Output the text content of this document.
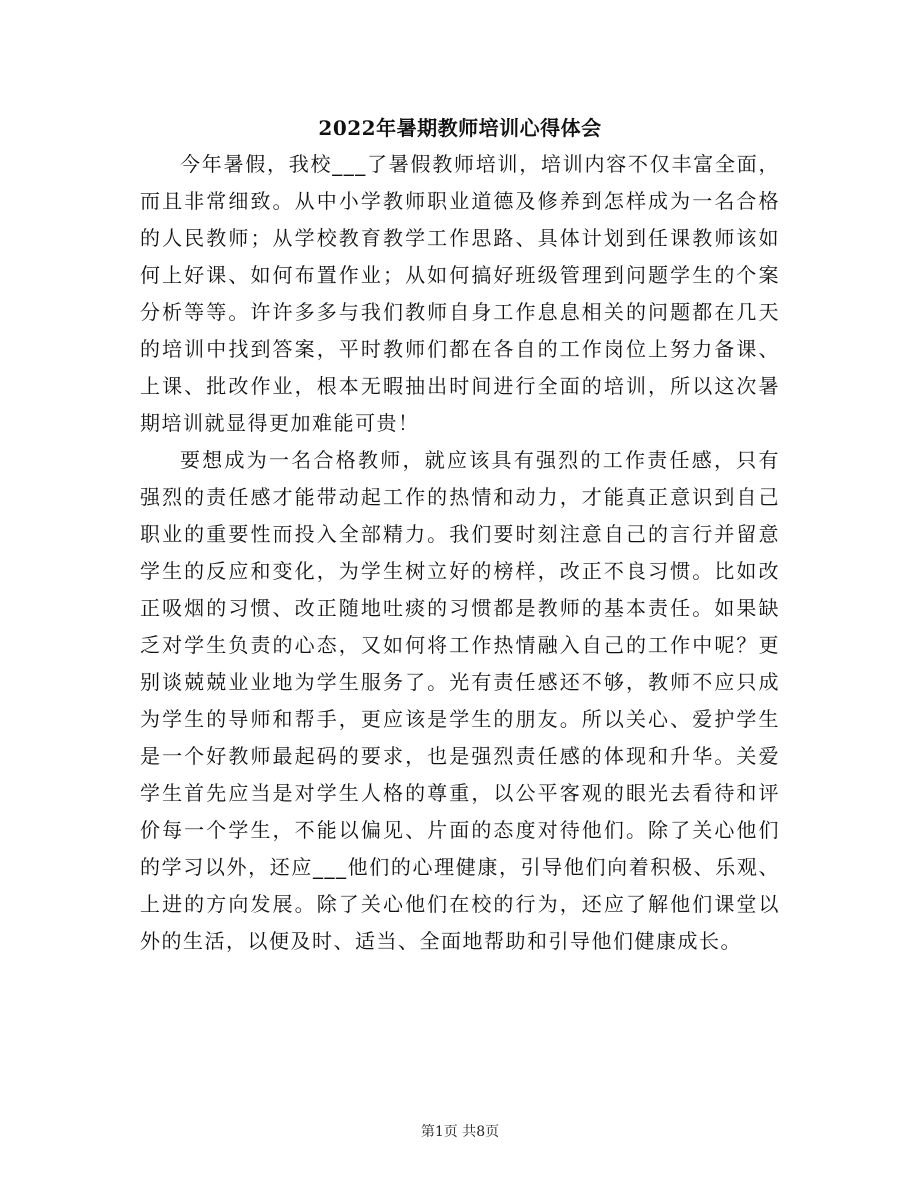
2022年暑期教师培训心得体会

今年暑假，我校___了暑假教师培训，培训内容不仅丰富全面，而且非常细致。从中小学教师职业道德及修养到怎样成为一名合格的人民教师；从学校教育教学工作思路、具体计划到任课教师该如何上好课、如何布置作业；从如何搞好班级管理到问题学生的个案分析等等。许许多多与我们教师自身工作息息相关的问题都在几天的培训中找到答案，平时教师们都在各自的工作岗位上努力备课、上课、批改作业，根本无暇抽出时间进行全面的培训，所以这次暑期培训就显得更加难能可贵！

要想成为一名合格教师，就应该具有强烈的工作责任感，只有强烈的责任感才能带动起工作的热情和动力，才能真正意识到自己职业的重要性而投入全部精力。我们要时刻注意自己的言行并留意学生的反应和变化，为学生树立好的榜样，改正不良习惯。比如改正吸烟的习惯、改正随地吐痰的习惯都是教师的基本责任。如果缺乏对学生负责的心态，又如何将工作热情融入自己的工作中呢？更别谈兢兢业业地为学生服务了。光有责任感还不够，教师不应只成为学生的导师和帮手，更应该是学生的朋友。所以关心、爱护学生是一个好教师最起码的要求，也是强烈责任感的体现和升华。关爱学生首先应当是对学生人格的尊重，以公平客观的眼光去看待和评价每一个学生，不能以偏见、片面的态度对待他们。除了关心他们的学习以外，还应___他们的心理健康，引导他们向着积极、乐观、上进的方向发展。除了关心他们在校的行为，还应了解他们课堂以外的生活，以便及时、适当、全面地帮助和引导他们健康成长。

第1页 共8页
